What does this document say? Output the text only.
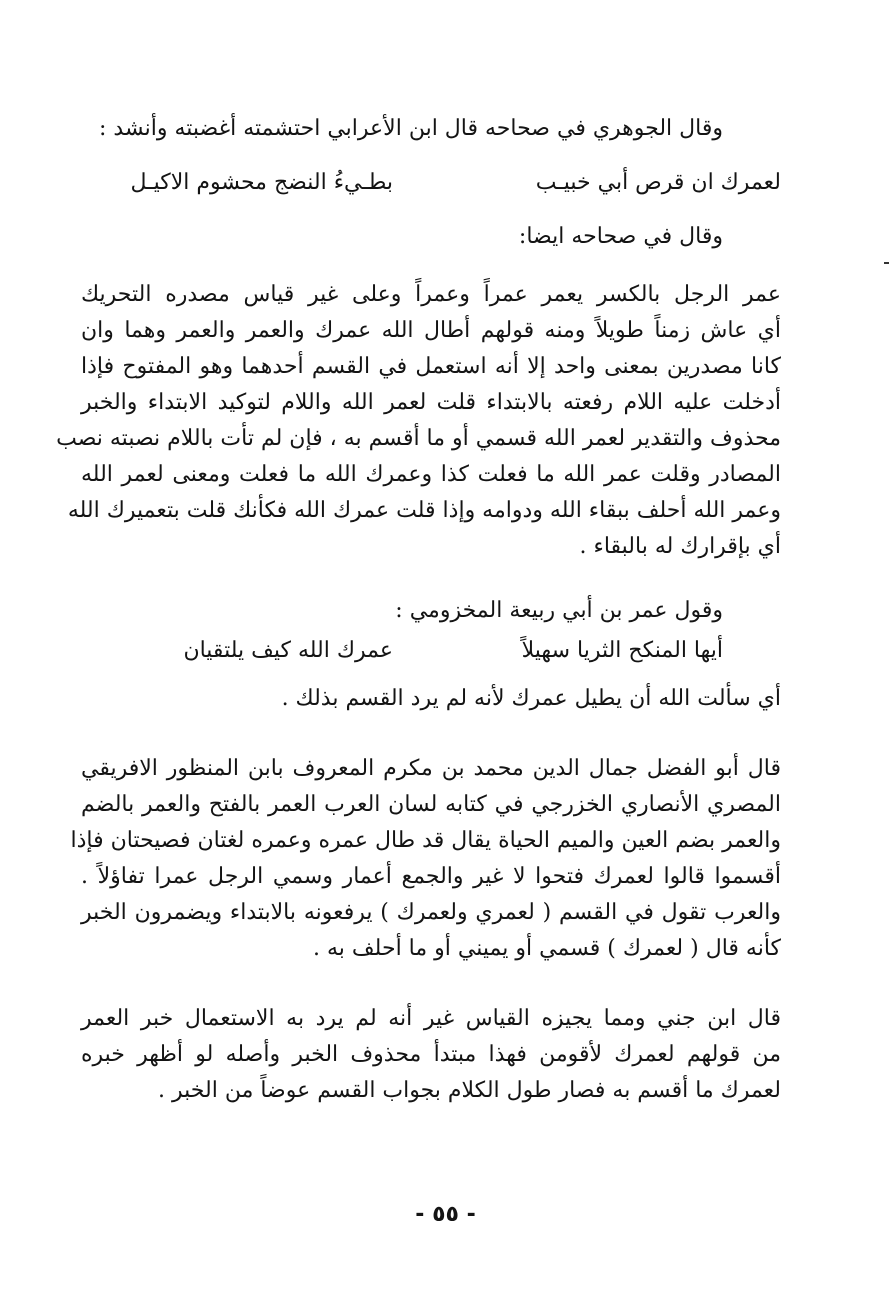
وقال الجوهري في صحاحه قال ابن الأعرابي احتشمته أغضبته وأنشد :
لعمرك ان قرص أبي خبيـب
بطـيءُ النضج محشوم الاكيـل
وقال في صحاحه ايضا:
عمر الرجل بالكسر يعمر عمراً وعمراً وعلى غير قياس مصدره التحريك
أي عاش زمناً طويلاً ومنه قولهم أطال الله عمرك والعمر والعمر وهما وان
كانا مصدرين بمعنى واحد إلا أنه استعمل في القسم أحدهما وهو المفتوح فإذا
أدخلت عليه اللام رفعته بالابتداء قلت لعمر الله واللام لتوكيد الابتداء والخبر
محذوف والتقدير لعمر الله قسمي أو ما أقسم به ، فإن لم تأت باللام نصبته نصب
المصادر وقلت عمر الله ما فعلت كذا وعمرك الله ما فعلت ومعنى لعمر الله
وعمر الله أحلف ببقاء الله ودوامه وإذا قلت عمرك الله فكأنك قلت بتعميرك الله
أي بإقرارك له بالبقاء .
وقول عمر بن أبي ربيعة المخزومي :
أيها المنكح الثريا سهيلاً
عمرك الله كيف يلتقيان
أي سألت الله أن يطيل عمرك لأنه لم يرد القسم بذلك .
قال أبو الفضل جمال الدين محمد بن مكرم المعروف بابن المنظور الافريقي
المصري الأنصاري الخزرجي في كتابه لسان العرب العمر بالفتح والعمر بالضم
والعمر بضم العين والميم الحياة يقال قد طال عمره وعمره لغتان فصيحتان فإذا
أقسموا قالوا لعمرك فتحوا لا غير والجمع أعمار وسمي الرجل عمرا تفاؤلاً .
والعرب تقول في القسم ( لعمري ولعمرك ) يرفعونه بالابتداء ويضمرون الخبر
كأنه قال ( لعمرك ) قسمي أو يميني أو ما أحلف به .
قال ابن جني ومما يجيزه القياس غير أنه لم يرد به الاستعمال خبر العمر
من قولهم لعمرك لأقومن فهذا مبتدأ محذوف الخبر وأصله لو أظهر خبره
لعمرك ما أقسم به فصار طول الكلام بجواب القسم عوضاً من الخبر .
- ٥٥ -
